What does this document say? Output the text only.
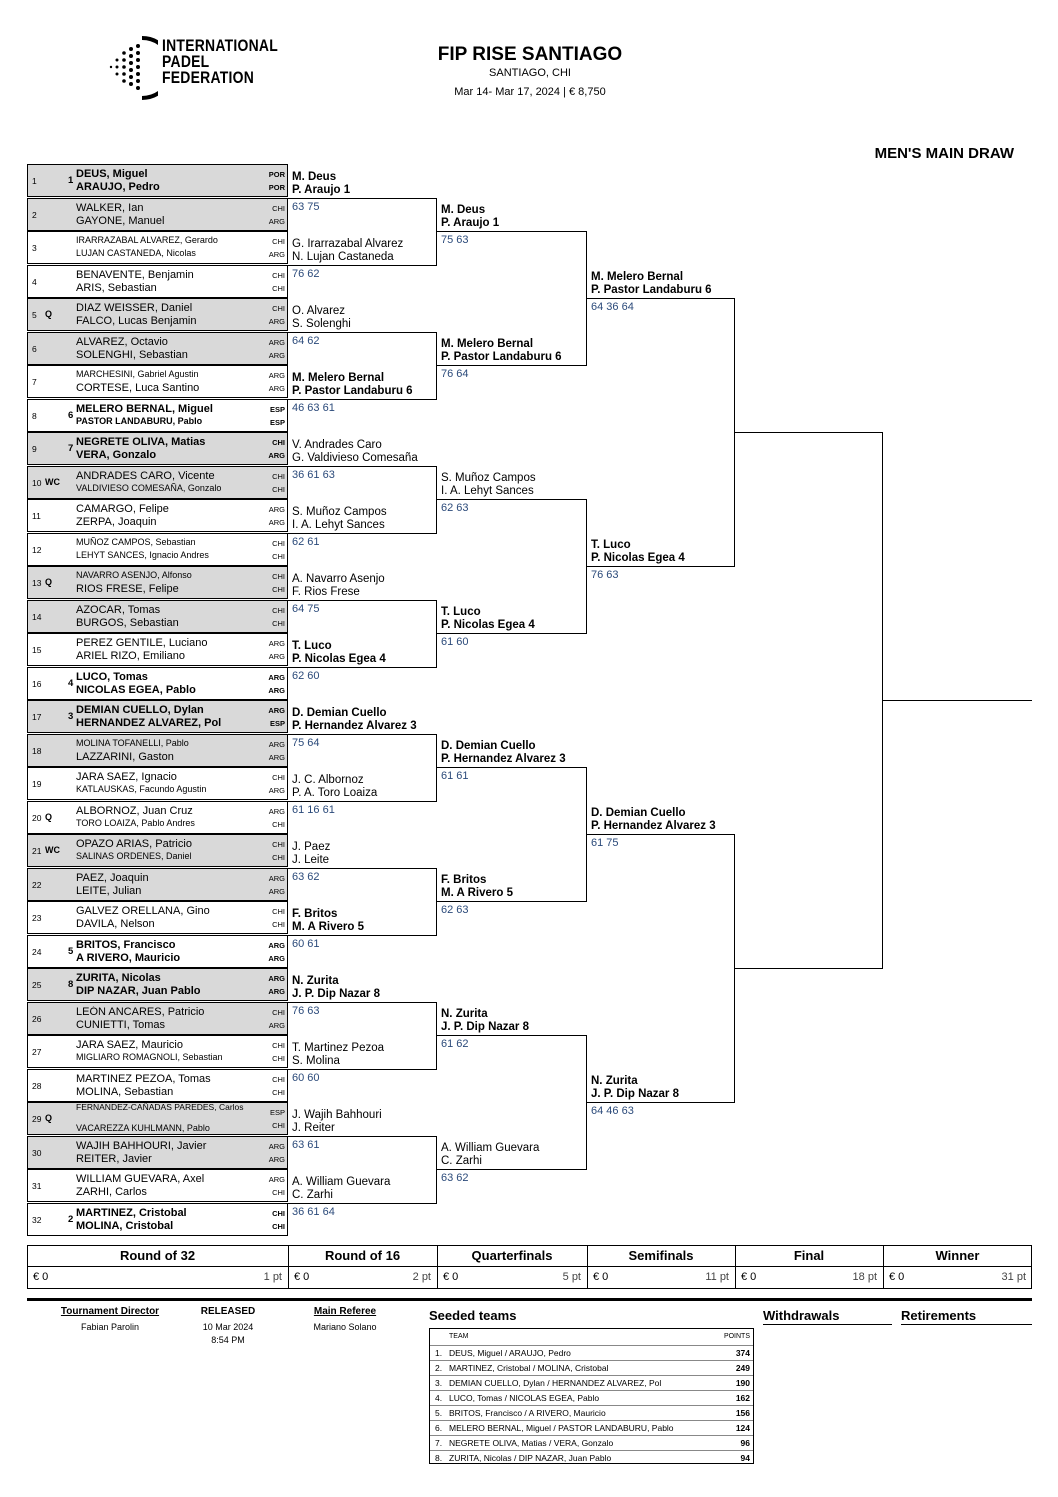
INTERNATIONAL
PADEL
FEDERATION
FIP RISE SANTIAGO
SANTIAGO, CHI
Mar 14- Mar 17, 2024 | € 8,750
MEN'S MAIN DRAW
1	1
DEUS, Miguel
ARAUJO, Pedro
POR
POR
2
WALKER, Ian
GAYONE, Manuel
CHI
ARG
3
IRARRAZABAL ALVAREZ, Gerardo
LUJAN CASTANEDA, Nicolas
CHI
ARG
4
BENAVENTE, Benjamin
ARIS, Sebastian
CHI
CHI
5 Q DIAZ WEISSER, Daniel
FALCO, Lucas Benjamin
CHI
ARG
6
ALVAREZ, Octavio
SOLENGHI, Sebastian
ARG
ARG
7
MARCHESINI, Gabriel Agustin
CORTESE, Luca Santino
ARG
ARG
8	6
MELERO BERNAL, Miguel
PASTOR LANDABURU, Pablo
ESP
ESP
9	7
NEGRETE OLIVA, Matias
VERA, Gonzalo
CHI
ARG
10 WC ANDRADES CARO, Vicente
VALDIVIESO COMESAÑA, Gonzalo
CHI
CHI
11
CAMARGO, Felipe
ZERPA, Joaquin
ARG
ARG
12
MUÑOZ CAMPOS, Sebastian
LEHYT SANCES, Ignacio Andres
CHI
CHI
13 Q
NAVARRO ASENJO, Alfonso
RIOS FRESE, Felipe
CHI
CHI
14
AZOCAR, Tomas
BURGOS, Sebastian
CHI
CHI
15
PEREZ GENTILE, Luciano
ARIEL RIZO, Emiliano
ARG
ARG
16	4
LUCO, Tomas
NICOLAS EGEA, Pablo
ARG
ARG
17	3
DEMIAN CUELLO, Dylan
HERNANDEZ ALVAREZ, Pol
ARG
ESP
18
MOLINA TOFANELLI, Pablo
LAZZARINI, Gaston
ARG
ARG
19
JARA SAEZ, Ignacio
KATLAUSKAS, Facundo Agustin
CHI
ARG
20 Q ALBORNOZ, Juan Cruz
TORO LOAIZA, Pablo Andres
ARG
CHI
21 WC OPAZO ARIAS, Patricio
SALINAS ORDENES, Daniel
CHI
CHI
22
PAEZ, Joaquin
LEITE, Julian
ARG
ARG
23
GALVEZ ORELLANA, Gino
DAVILA, Nelson
CHI
CHI
24	5
BRITOS, Francisco
A RIVERO, Mauricio
ARG
ARG
25	8
ZURITA, Nicolas
DIP NAZAR, Juan Pablo
ARG
ARG
26
LEÓN ANCARES, Patricio
CUNIETTI, Tomas
CHI
ARG
27
JARA SAEZ, Mauricio
MIGLIARO ROMAGNOLI, Sebastian
CHI
CHI
28
MARTINEZ PEZOA, Tomas
MOLINA, Sebastian
CHI
CHI
29 Q
FERNANDEZ-CAÑADAS PAREDES, Carlos
VACAREZZA KUHLMANN, Pablo
ESP
CHI
30
WAJIH BAHHOURI, Javier
REITER, Javier
ARG
ARG
31
WILLIAM GUEVARA, Axel
ZARHI, Carlos
ARG
CHI
32	2
MARTINEZ, Cristobal
MOLINA, Cristobal
CHI
CHI
M. Deus
P. Araujo 1
63 75
G. Irarrazabal Alvarez
N. Lujan Castaneda
76 62
O. Alvarez
S. Solenghi
64 62
M. Melero Bernal
P. Pastor Landaburu 6
46 63 61
V. Andrades Caro
G. Valdivieso Comesaña
36 61 63
S. Muñoz Campos
I. A. Lehyt Sances
62 61
A. Navarro Asenjo
F. Rios Frese
64 75
T. Luco
P. Nicolas Egea 4
62 60
D. Demian Cuello
P. Hernandez Alvarez 3
75 64
J. C. Albornoz
P. A. Toro Loaiza
61 16 61
J. Paez
J. Leite
63 62
F. Britos
M. A Rivero 5
60 61
N. Zurita
J. P. Dip Nazar 8
76 63
T. Martinez Pezoa
S. Molina
60 60
J. Wajih Bahhouri
J. Reiter
63 61
A. William Guevara
C. Zarhi
36 61 64
M. Deus
P. Araujo 1
75 63
M. Melero Bernal
P. Pastor Landaburu 6
76 64
S. Muñoz Campos
I. A. Lehyt Sances
62 63
T. Luco
P. Nicolas Egea 4
61 60
D. Demian Cuello
P. Hernandez Alvarez 3
61 61
F. Britos
M. A Rivero 5
62 63
N. Zurita
J. P. Dip Nazar 8
61 62
A. William Guevara
C. Zarhi
63 62
M. Melero Bernal
P. Pastor Landaburu 6
64 36 64
T. Luco
P. Nicolas Egea 4
76 63
D. Demian Cuello
P. Hernandez Alvarez 3
61 75
N. Zurita
J. P. Dip Nazar 8
64 46 63
Round of 32
€ 0	1 pt
Round of 16
€ 0	2 pt
Quarterfinals
€ 0	5 pt
Semifinals
€ 0	11 pt
Final
€ 0	18 pt
Winner
€ 0	31 pt
Tournament Director
Fabian Parolin
RELEASED
10 Mar 2024
8:54 PM
Main Referee
Mariano Solano
Seeded teams	Withdrawals	Retirements
TEAM	POINTS
1. DEUS, Miguel / ARAUJO, Pedro	374
2. MARTINEZ, Cristobal / MOLINA, Cristobal	249
3. DEMIAN CUELLO, Dylan / HERNANDEZ ALVAREZ, Pol	190
4. LUCO, Tomas / NICOLAS EGEA, Pablo	162
5. BRITOS, Francisco / A RIVERO, Mauricio	156
6. MELERO BERNAL, Miguel / PASTOR LANDABURU, Pablo	124
7. NEGRETE OLIVA, Matias / VERA, Gonzalo	96
8. ZURITA, Nicolas / DIP NAZAR, Juan Pablo	94
